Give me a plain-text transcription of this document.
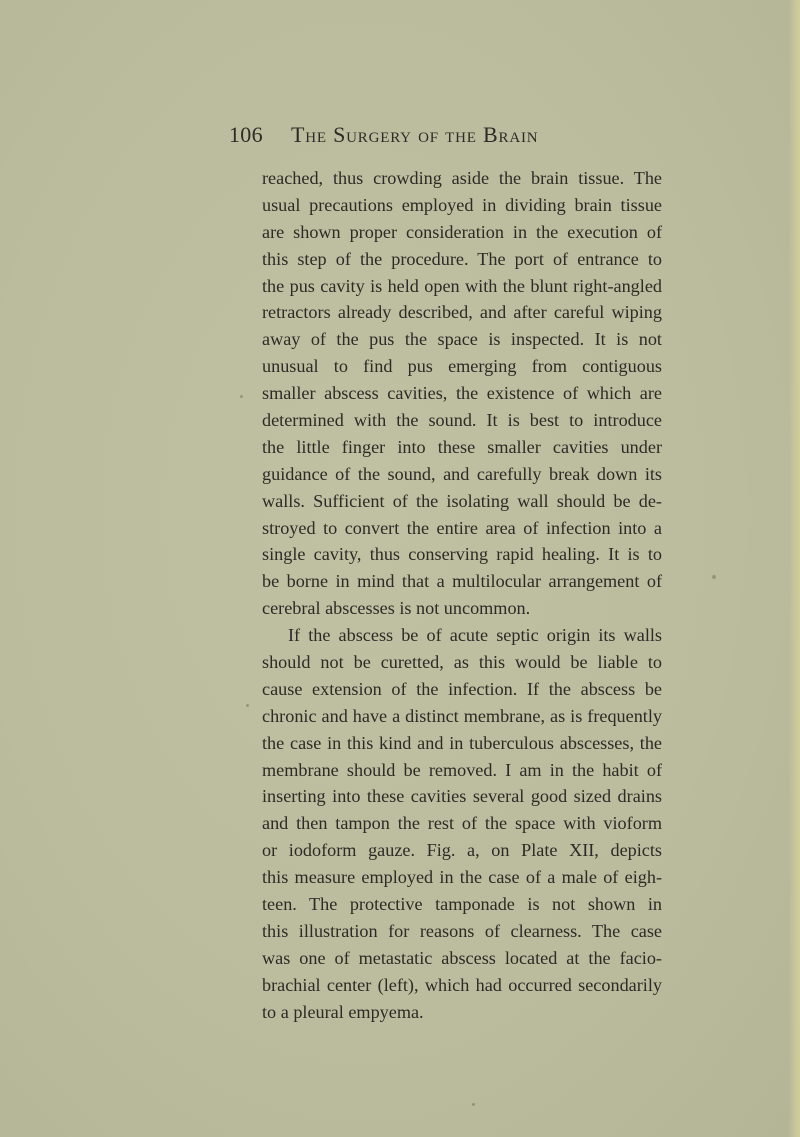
106 The Surgery of the Brain

reached, thus crowding aside the brain tissue. The
usual precautions employed in dividing brain tissue
are shown proper consideration in the execution of
this step of the procedure. The port of entrance to
the pus cavity is held open with the blunt right-angled
retractors already described, and after careful wiping
away of the pus the space is inspected. It is not
unusual to find pus emerging from contiguous
smaller abscess cavities, the existence of which are
determined with the sound. It is best to introduce
the little finger into these smaller cavities under
guidance of the sound, and carefully break down its
walls. Sufficient of the isolating wall should be de-
stroyed to convert the entire area of infection into a
single cavity, thus conserving rapid healing. It is to
be borne in mind that a multilocular arrangement of
cerebral abscesses is not uncommon.

If the abscess be of acute septic origin its walls
should not be curetted, as this would be liable to
cause extension of the infection. If the abscess be
chronic and have a distinct membrane, as is frequently
the case in this kind and in tuberculous abscesses, the
membrane should be removed. I am in the habit of
inserting into these cavities several good sized drains
and then tampon the rest of the space with vioform
or iodoform gauze. Fig. a, on Plate XII, depicts
this measure employed in the case of a male of eigh-
teen. The protective tamponade is not shown in
this illustration for reasons of clearness. The case
was one of metastatic abscess located at the facio-
brachial center (left), which had occurred secondarily
to a pleural empyema.
